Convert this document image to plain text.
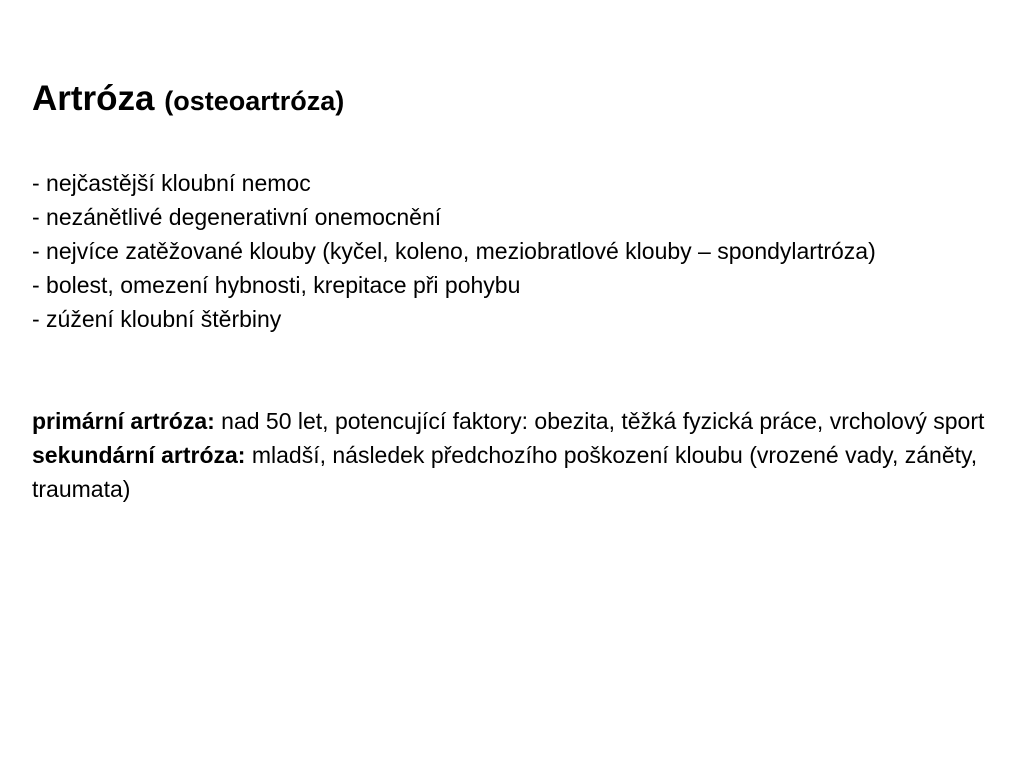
Artróza (osteoartróza)
- nejčastější kloubní nemoc
- nezánětlivé degenerativní onemocnění
- nejvíce zatěžované klouby (kyčel, koleno, meziobratlové klouby – spondylartróza)
- bolest, omezení hybnosti, krepitace při pohybu
- zúžení kloubní štěrbiny

primární artróza: nad 50 let, potencující faktory: obezita, těžká fyzická práce, vrcholový sport

sekundární artróza: mladší, následek předchozího poškození kloubu (vrozené vady, záněty, traumata)
